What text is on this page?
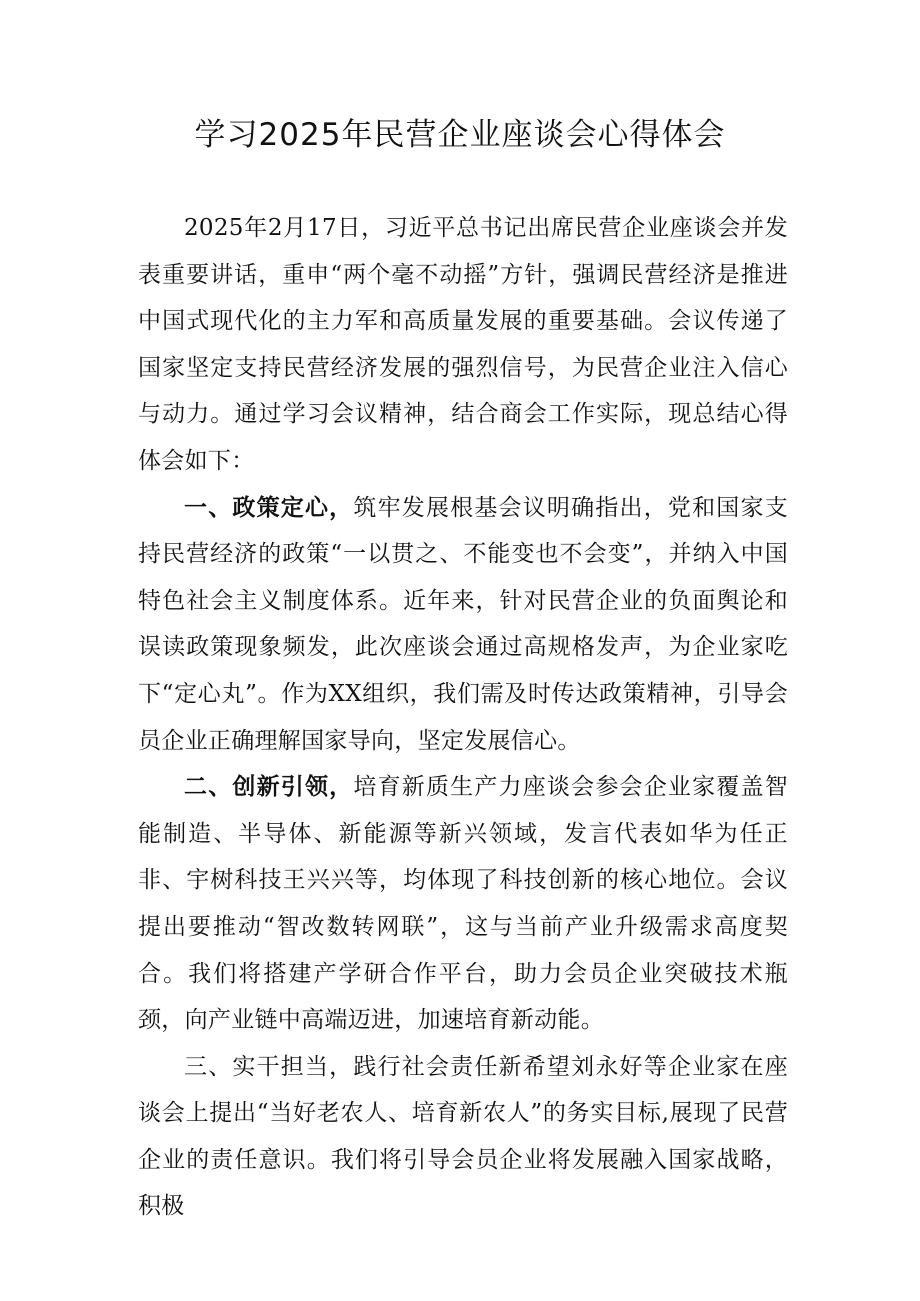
学习2025年民营企业座谈会心得体会

2025年2月17日，习近平总书记出席民营企业座谈会并发表重要讲话，重申“两个毫不动摇”方针，强调民营经济是推进中国式现代化的主力军和高质量发展的重要基础。会议传递了国家坚定支持民营经济发展的强烈信号，为民营企业注入信心与动力。通过学习会议精神，结合商会工作实际，现总结心得体会如下：

一、政策定心，筑牢发展根基会议明确指出，党和国家支持民营经济的政策“一以贯之、不能变也不会变”，并纳入中国特色社会主义制度体系。近年来，针对民营企业的负面舆论和误读政策现象频发，此次座谈会通过高规格发声，为企业家吃下“定心丸”。作为XX组织，我们需及时传达政策精神，引导会员企业正确理解国家导向，坚定发展信心。

二、创新引领，培育新质生产力座谈会参会企业家覆盖智能制造、半导体、新能源等新兴领域，发言代表如华为任正非、宇树科技王兴兴等，均体现了科技创新的核心地位。会议提出要推动“智改数转网联”，这与当前产业升级需求高度契合。我们将搭建产学研合作平台，助力会员企业突破技术瓶颈，向产业链中高端迈进，加速培育新动能。

三、实干担当，践行社会责任新希望刘永好等企业家在座谈会上提出“当好老农人、培育新农人”的务实目标,展现了民营企业的责任意识。我们将引导会员企业将发展融入国家战略，积极
